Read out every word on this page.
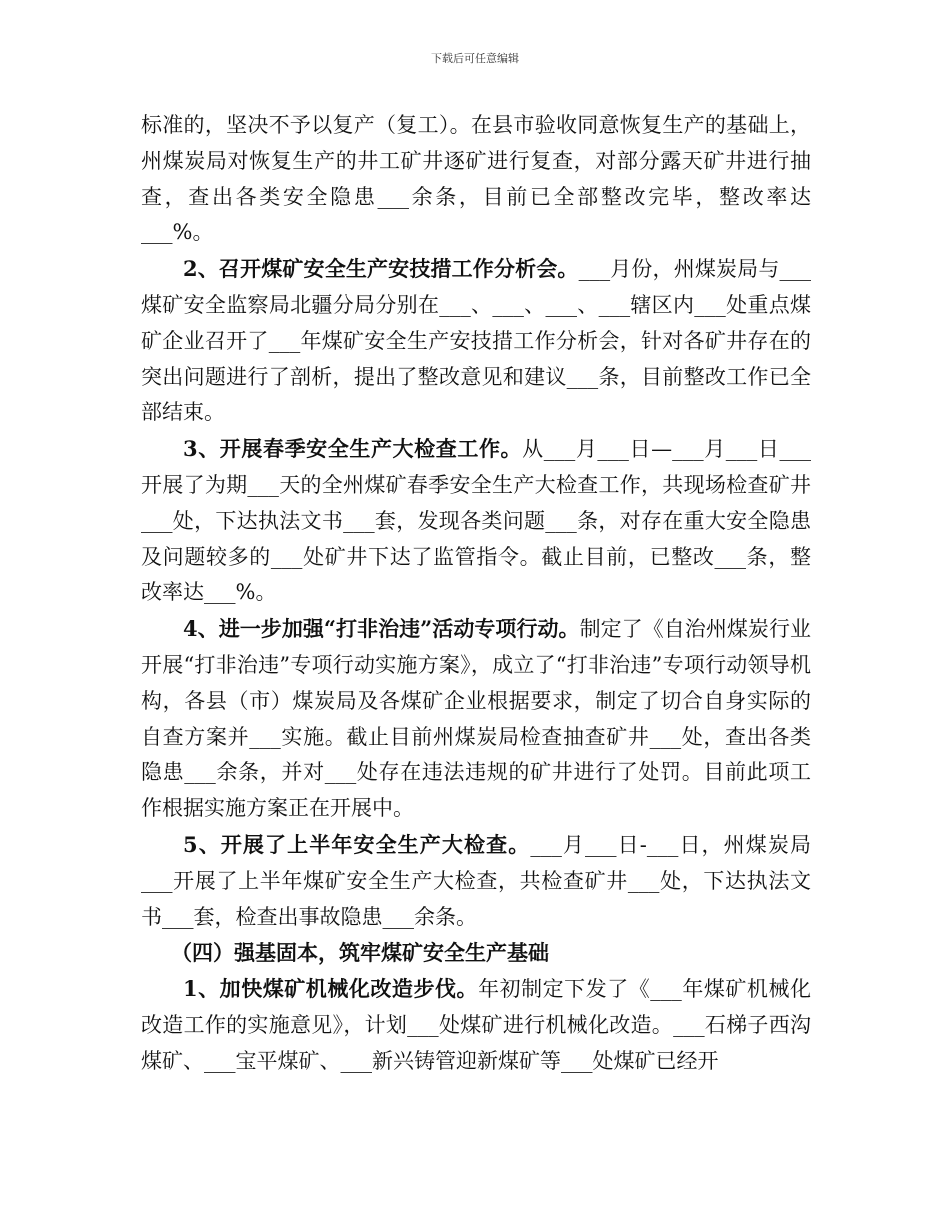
下载后可任意编辑

标准的，坚决不予以复产（复工）。在县市验收同意恢复生产的基础上，州煤炭局对恢复生产的井工矿井逐矿进行复查，对部分露天矿井进行抽查，查出各类安全隐患___余条，目前已全部整改完毕，整改率达___%。

2、召开煤矿安全生产安技措工作分析会。___月份，州煤炭局与___煤矿安全监察局北疆分局分别在___、___、___、___辖区内___处重点煤矿企业召开了___年煤矿安全生产安技措工作分析会，针对各矿井存在的突出问题进行了剖析，提出了整改意见和建议___条，目前整改工作已全部结束。

3、开展春季安全生产大检查工作。从___月___日—___月___日___开展了为期___天的全州煤矿春季安全生产大检查工作，共现场检查矿井___处，下达执法文书___套，发现各类问题___条，对存在重大安全隐患及问题较多的___处矿井下达了监管指令。截止目前，已整改___条，整改率达___%。

4、进一步加强“打非治违”活动专项行动。制定了《自治州煤炭行业开展“打非治违”专项行动实施方案》，成立了“打非治违”专项行动领导机构，各县（市）煤炭局及各煤矿企业根据要求，制定了切合自身实际的自查方案并___实施。截止目前州煤炭局检查抽查矿井___处，查出各类隐患___余条，并对___处存在违法违规的矿井进行了处罚。目前此项工作根据实施方案正在开展中。

5、开展了上半年安全生产大检查。___月___日-___日，州煤炭局___开展了上半年煤矿安全生产大检查，共检查矿井___处，下达执法文书___套，检查出事故隐患___余条。

（四）强基固本，筑牢煤矿安全生产基础

1、加快煤矿机械化改造步伐。年初制定下发了《___年煤矿机械化改造工作的实施意见》，计划___处煤矿进行机械化改造。___石梯子西沟煤矿、___宝平煤矿、___新兴铸管迎新煤矿等___处煤矿已经开
